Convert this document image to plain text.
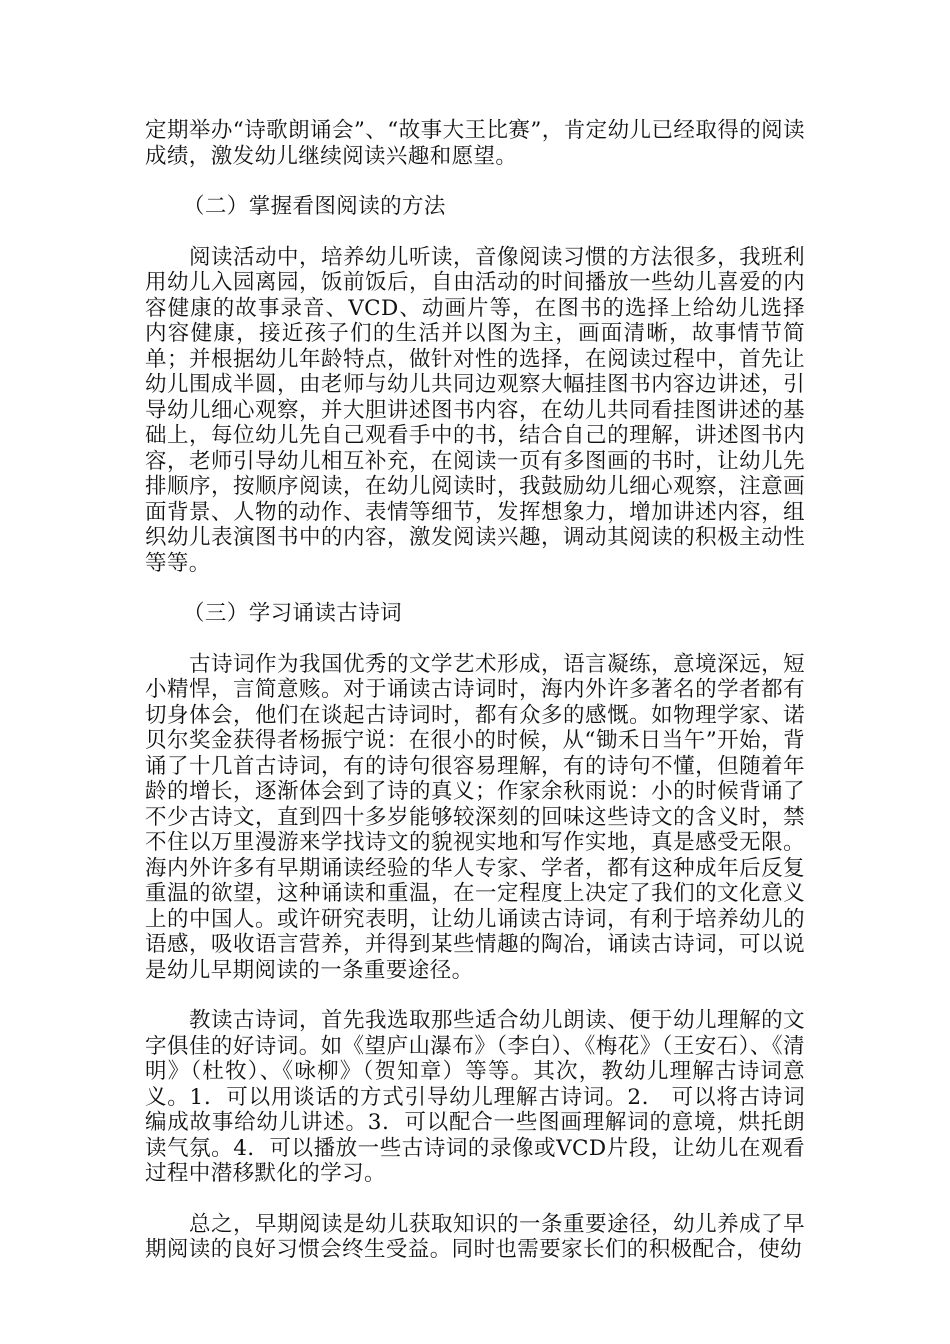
定期举办“诗歌朗诵会”、“故事大王比赛”，肯定幼儿已经取得的阅读成绩，激发幼儿继续阅读兴趣和愿望。

（二）掌握看图阅读的方法

阅读活动中，培养幼儿听读，音像阅读习惯的方法很多，我班利用幼儿入园离园，饭前饭后，自由活动的时间播放一些幼儿喜爱的内容健康的故事录音、VCD、动画片等，在图书的选择上给幼儿选择内容健康，接近孩子们的生活并以图为主，画面清晰，故事情节简单；并根据幼儿年龄特点，做针对性的选择，在阅读过程中，首先让幼儿围成半圆，由老师与幼儿共同边观察大幅挂图书内容边讲述，引导幼儿细心观察，并大胆讲述图书内容，在幼儿共同看挂图讲述的基础上，每位幼儿先自己观看手中的书，结合自己的理解，讲述图书内容，老师引导幼儿相互补充，在阅读一页有多图画的书时，让幼儿先排顺序，按顺序阅读，在幼儿阅读时，我鼓励幼儿细心观察，注意画面背景、人物的动作、表情等细节，发挥想象力，增加讲述内容，组织幼儿表演图书中的内容，激发阅读兴趣，调动其阅读的积极主动性等等。

（三）学习诵读古诗词

古诗词作为我国优秀的文学艺术形成，语言凝练，意境深远，短小精悍，言简意赅。对于诵读古诗词时，海内外许多著名的学者都有切身体会，他们在谈起古诗词时，都有众多的感慨。如物理学家、诺贝尔奖金获得者杨振宁说：在很小的时候，从“锄禾日当午”开始，背诵了十几首古诗词，有的诗句很容易理解，有的诗句不懂，但随着年龄的增长，逐渐体会到了诗的真义；作家余秋雨说：小的时候背诵了不少古诗文，直到四十多岁能够较深刻的回味这些诗文的含义时，禁不住以万里漫游来学找诗文的貌视实地和写作实地，真是感受无限。海内外许多有早期诵读经验的华人专家、学者，都有这种成年后反复重温的欲望，这种诵读和重温，在一定程度上决定了我们的文化意义上的中国人。或许研究表明，让幼儿诵读古诗词，有利于培养幼儿的语感，吸收语言营养，并得到某些情趣的陶冶，诵读古诗词，可以说是幼儿早期阅读的一条重要途径。

教读古诗词，首先我选取那些适合幼儿朗读、便于幼儿理解的文字俱佳的好诗词。如《望庐山瀑布》（李白）、《梅花》（王安石）、《清明》（杜牧）、《咏柳》（贺知章）等等。其次，教幼儿理解古诗词意义。1．可以用谈话的方式引导幼儿理解古诗词。2． 可以将古诗词编成故事给幼儿讲述。3．可以配合一些图画理解词的意境，烘托朗读气氛。4．可以播放一些古诗词的录像或VCD片段，让幼儿在观看过程中潜移默化的学习。

总之，早期阅读是幼儿获取知识的一条重要途径，幼儿养成了早期阅读的良好习惯会终生受益。同时也需要家长们的积极配合，使幼
